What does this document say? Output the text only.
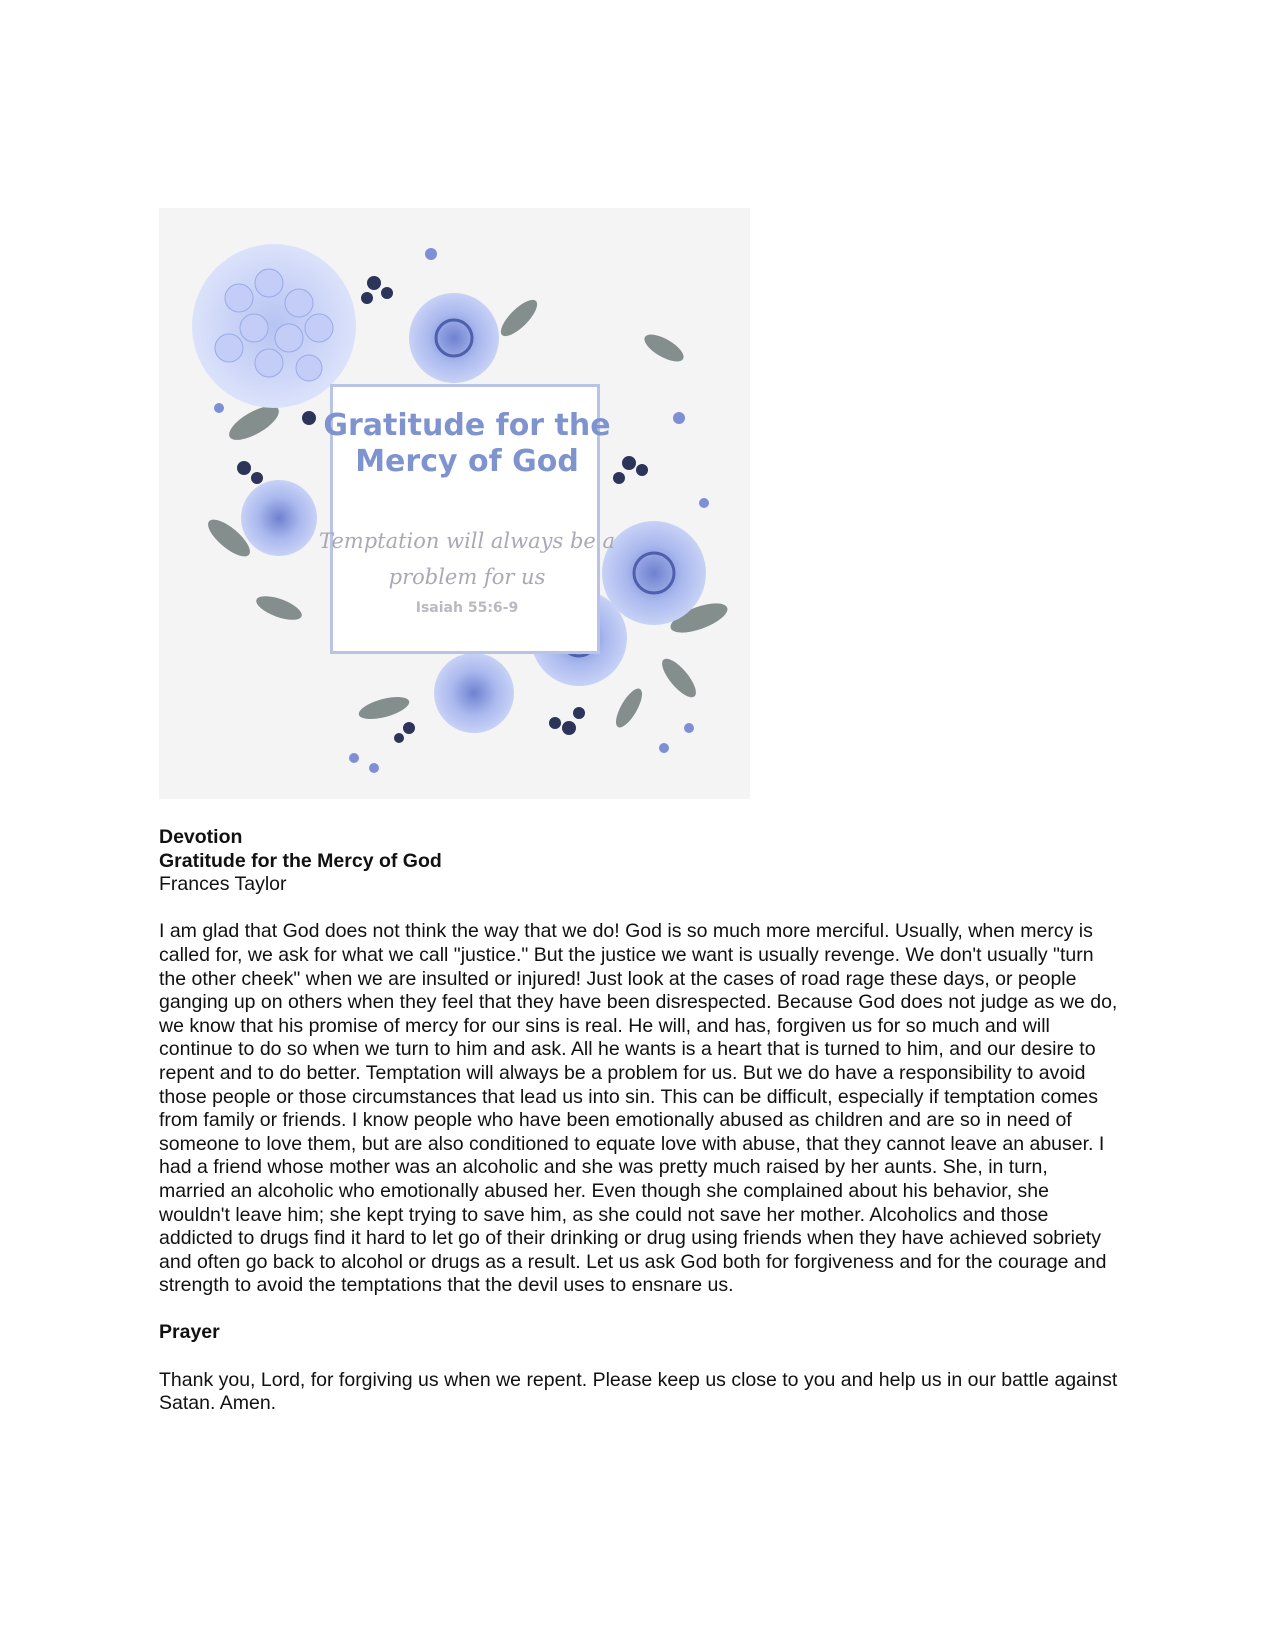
Gratitude for the Mercy of God
Temptation will always be a problem for us
Isaiah 55:6-9
Devotion
Gratitude for the Mercy of God
Frances Taylor

I am glad that God does not think the way that we do! God is so much more merciful. Usually, when mercy is called for, we ask for what we call "justice." But the justice we want is usually revenge. We don't usually "turn the other cheek" when we are insulted or injured! Just look at the cases of road rage these days, or people ganging up on others when they feel that they have been disrespected. Because God does not judge as we do, we know that his promise of mercy for our sins is real. He will, and has, forgiven us for so much and will continue to do so when we turn to him and ask. All he wants is a heart that is turned to him, and our desire to repent and to do better. Temptation will always be a problem for us. But we do have a responsibility to avoid those people or those circumstances that lead us into sin. This can be difficult, especially if temptation comes from family or friends. I know people who have been emotionally abused as children and are so in need of someone to love them, but are also conditioned to equate love with abuse, that they cannot leave an abuser. I had a friend whose mother was an alcoholic and she was pretty much raised by her aunts. She, in turn, married an alcoholic who emotionally abused her. Even though she complained about his behavior, she wouldn't leave him; she kept trying to save him, as she could not save her mother. Alcoholics and those addicted to drugs find it hard to let go of their drinking or drug using friends when they have achieved sobriety and often go back to alcohol or drugs as a result. Let us ask God both for forgiveness and for the courage and strength to avoid the temptations that the devil uses to ensnare us.

Prayer

Thank you, Lord, for forgiving us when we repent. Please keep us close to you and help us in our battle against Satan. Amen.
